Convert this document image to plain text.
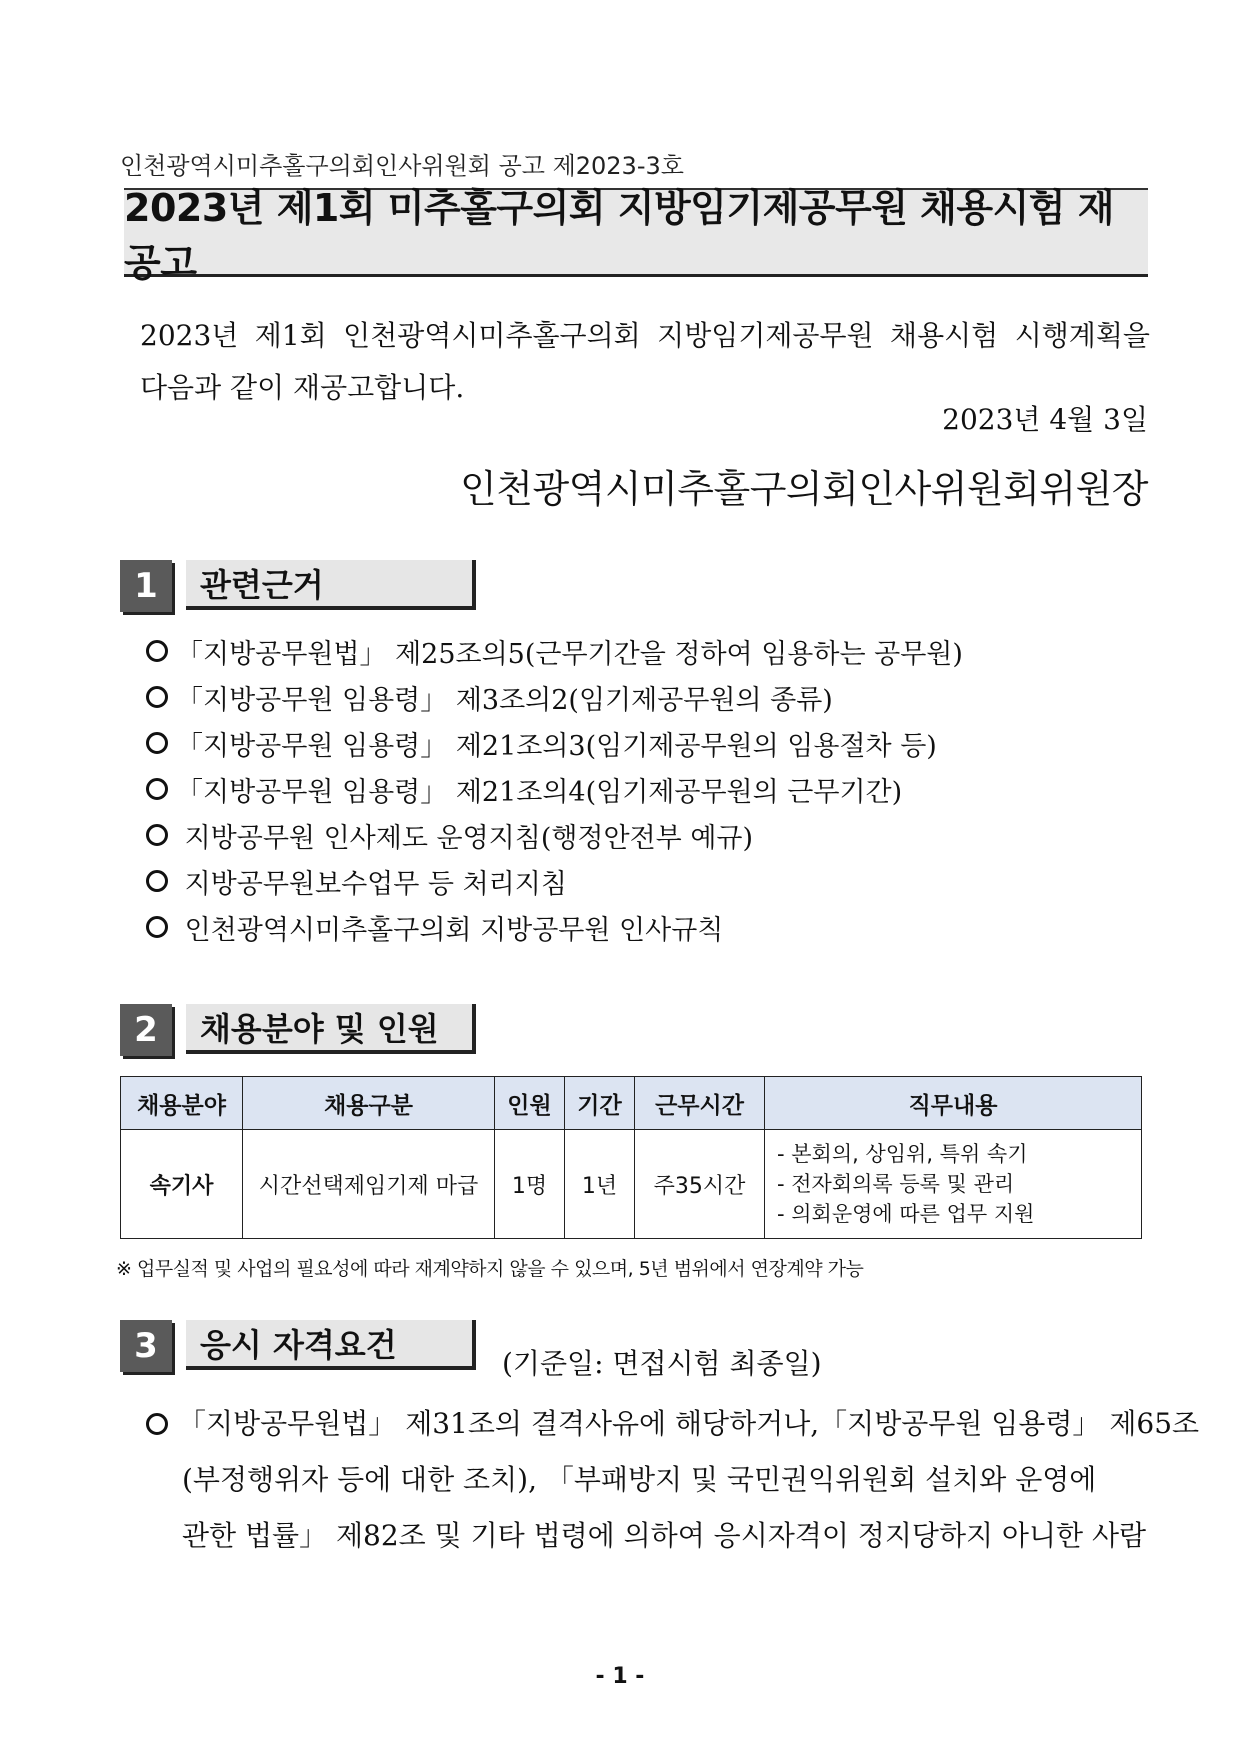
인천광역시미추홀구의회인사위원회 공고 제2023-3호
2023년 제1회 미추홀구의회 지방임기제공무원 채용시험 재공고
2023년 제1회 인천광역시미추홀구의회 지방임기제공무원 채용시험 시행계획을
다음과 같이 재공고합니다.
2023년 4월 3일
인천광역시미추홀구의회인사위원회위원장
1	관련근거
「지방공무원법」 제25조의5(근무기간을 정하여 임용하는 공무원)
「지방공무원 임용령」 제3조의2(임기제공무원의 종류)
「지방공무원 임용령」 제21조의3(임기제공무원의 임용절차 등)
「지방공무원 임용령」 제21조의4(임기제공무원의 근무기간)
지방공무원 인사제도 운영지침(행정안전부 예규)
지방공무원보수업무 등 처리지침
인천광역시미추홀구의회 지방공무원 인사규칙
2	채용분야 및 인원
채용분야	채용구분	인원	기간	근무시간	직무내용
속기사	시간선택제임기제 마급	1명	1년	주35시간	- 본회의, 상임위, 특위 속기
- 전자회의록 등록 및 관리
- 의회운영에 따른 업무 지원
※ 업무실적 및 사업의 필요성에 따라 재계약하지 않을 수 있으며, 5년 범위에서 연장계약 가능
3	응시 자격요건	(기준일: 면접시험 최종일)
「지방공무원법」 제31조의 결격사유에 해당하거나,「지방공무원 임용령」 제65조
(부정행위자 등에 대한 조치), 「부패방지 및 국민권익위원회 설치와 운영에
관한 법률」 제82조 및 기타 법령에 의하여 응시자격이 정지당하지 아니한 사람
- 1 -
